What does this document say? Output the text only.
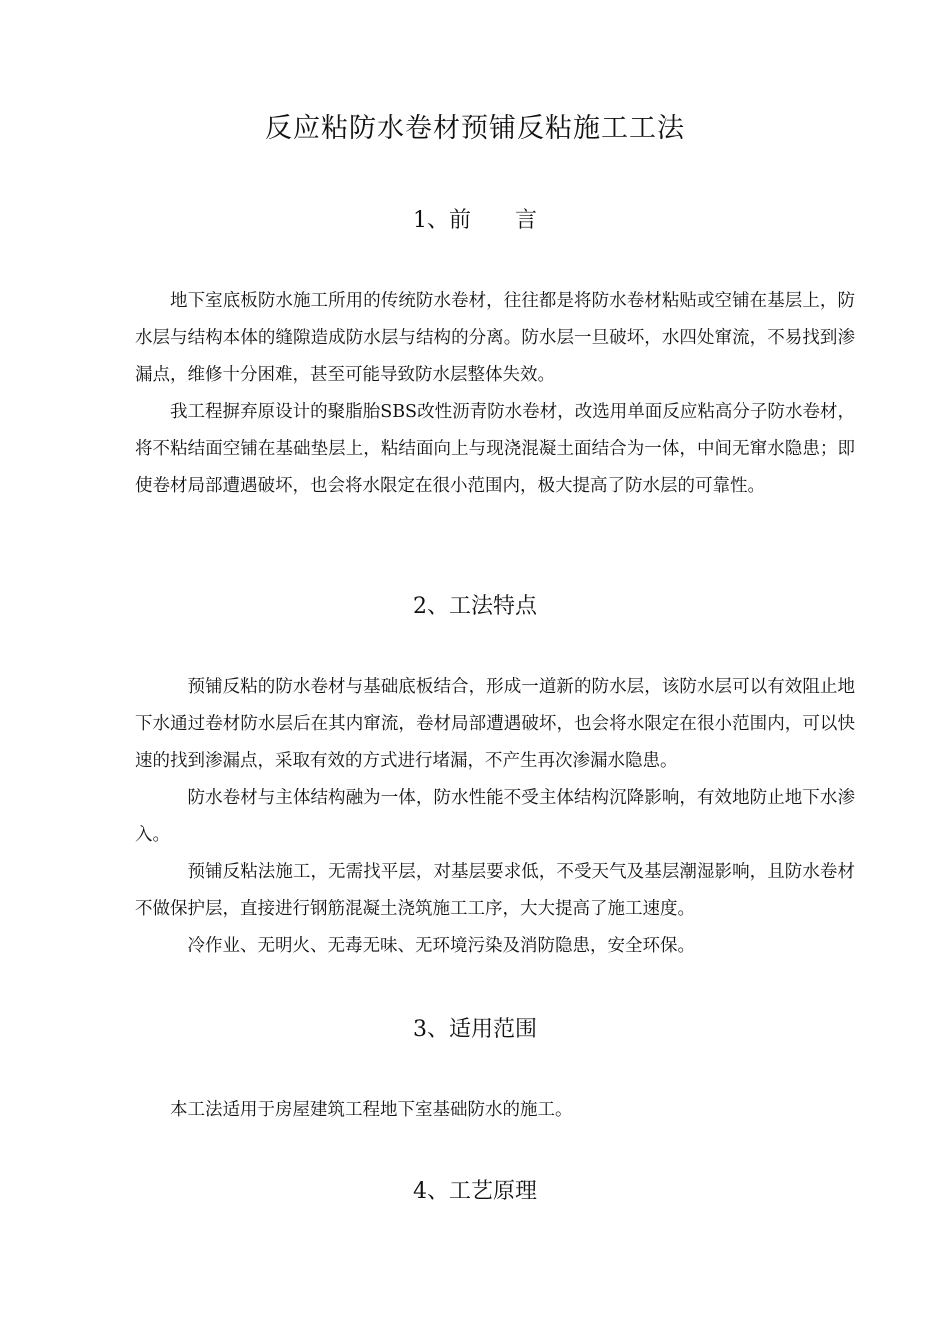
反应粘防水卷材预铺反粘施工工法
1、前　　言

地下室底板防水施工所用的传统防水卷材，往往都是将防水卷材粘贴或空铺在基层上，防水层与结构本体的缝隙造成防水层与结构的分离。防水层一旦破坏，水四处窜流，不易找到渗漏点，维修十分困难，甚至可能导致防水层整体失效。

我工程摒弃原设计的聚脂胎SBS改性沥青防水卷材，改选用单面反应粘高分子防水卷材，将不粘结面空铺在基础垫层上，粘结面向上与现浇混凝土面结合为一体，中间无窜水隐患；即使卷材局部遭遇破坏，也会将水限定在很小范围内，极大提高了防水层的可靠性。

2、工法特点

预铺反粘的防水卷材与基础底板结合，形成一道新的防水层，该防水层可以有效阻止地下水通过卷材防水层后在其内窜流，卷材局部遭遇破坏，也会将水限定在很小范围内，可以快速的找到渗漏点，采取有效的方式进行堵漏，不产生再次渗漏水隐患。

防水卷材与主体结构融为一体，防水性能不受主体结构沉降影响，有效地防止地下水渗入。

预铺反粘法施工，无需找平层，对基层要求低，不受天气及基层潮湿影响，且防水卷材不做保护层，直接进行钢筋混凝土浇筑施工工序，大大提高了施工速度。

冷作业、无明火、无毒无味、无环境污染及消防隐患，安全环保。

3、适用范围

本工法适用于房屋建筑工程地下室基础防水的施工。

4、工艺原理
